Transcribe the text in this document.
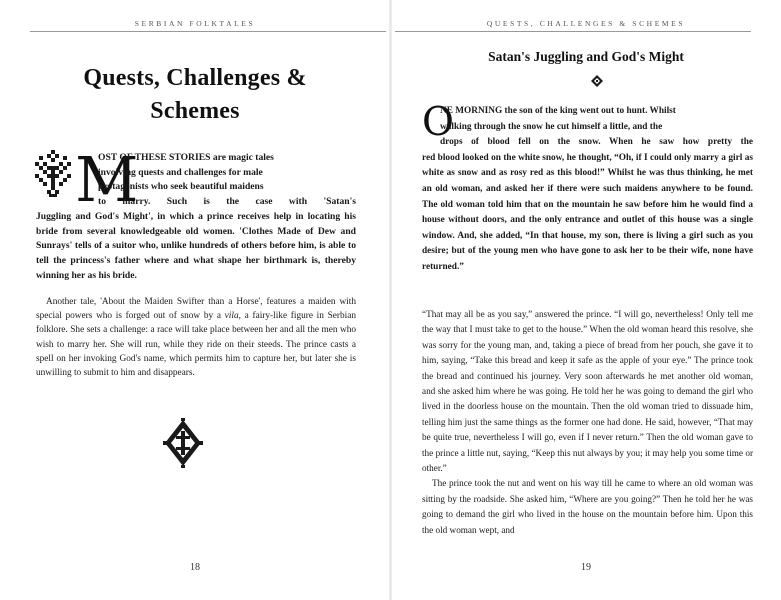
SERBIAN FOLKTALES
Quests, Challenges &
Schemes
M
OST OF THESE STORIES are magic tales
involving quests and challenges for male
protagonists who seek beautiful maidens
to marry. Such is the case with 'Satan's
Juggling and God's Might', in which a prince receives help in locating his bride from several knowledgeable old women. 'Clothes Made of Dew and Sunrays' tells of a suitor who, unlike hundreds of others before him, is able to tell the princess's father where and what shape her birthmark is, thereby winning her as his bride.

Another tale, 'About the Maiden Swifter than a Horse', features a maiden with special powers who is forged out of snow by a vila, a fairy-like figure in Serbian folklore. She sets a challenge: a race will take place between her and all the men who wish to marry her. She will run, while they ride on their steeds. The prince casts a spell on her invoking God's name, which permits him to capture her, but later she is unwilling to submit to him and disappears.

18
QUESTS, CHALLENGES & SCHEMES
Satan's Juggling and God's Might
O
NE MORNING the son of the king went out to hunt. Whilst
walking through the snow he cut himself a little, and the
drops of blood fell on the snow. When he saw how pretty the
red blood looked on the white snow, he thought, “Oh, if I could only marry a girl as white as snow and as rosy red as this blood!” Whilst he was thus thinking, he met an old woman, and asked her if there were such maidens anywhere to be found. The old woman told him that on the mountain he saw before him he would find a house without doors, and the only entrance and outlet of this house was a single window. And, she added, “In that house, my son, there is living a girl such as you desire; but of the young men who have gone to ask her to be their wife, none have returned.”

“That may all be as you say,” answered the prince. “I will go, nevertheless! Only tell me the way that I must take to get to the house.” When the old woman heard this resolve, she was sorry for the young man, and, taking a piece of bread from her pouch, she gave it to him, saying, “Take this bread and keep it safe as the apple of your eye.” The prince took the bread and continued his journey. Very soon afterwards he met another old woman, and she asked him where he was going. He told her he was going to demand the girl who lived in the doorless house on the mountain. Then the old woman tried to dissuade him, telling him just the same things as the former one had done. He said, however, “That may be quite true, nevertheless I will go, even if I never return.” Then the old woman gave to the prince a little nut, saying, “Keep this nut always by you; it may help you some time or other.”

The prince took the nut and went on his way till he came to where an old woman was sitting by the roadside. She asked him, “Where are you going?” Then he told her he was going to demand the girl who lived in the house on the mountain before him. Upon this the old woman wept, and

19
